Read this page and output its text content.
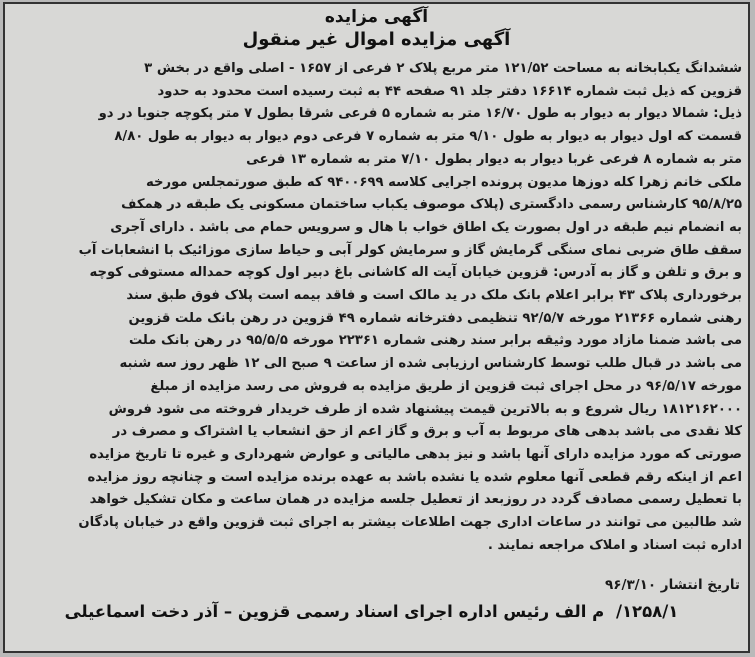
آگهی مزایده
آگهی مزایده اموال غیر منقول
ششدانگ یکبابخانه به مساحت ۱۲۱/۵۲ متر مربع پلاک ۲ فرعی از ۱۶۵۷ - اصلی واقع در بخش ۳
قزوین که ذیل ثبت شماره ۱۶۶۱۴ دفتر جلد ۹۱ صفحه ۴۴ به ثبت رسیده است محدود به حدود
ذیل: شمالا دیوار به دیوار به طول ۱۶/۷۰ متر به شماره ۵ فرعی شرقا بطول ۷ متر پکوچه جنوبا در دو
قسمت که اول دیوار به دیوار به طول ۹/۱۰ متر به شماره ۷ فرعی دوم دیوار به دیوار به طول ۸/۸۰
متر به شماره ۸ فرعی غربا دیوار به دیوار بطول ۷/۱۰ متر به شماره ۱۳ فرعی
ملکی خانم زهرا کله دوزها مدیون پرونده اجرایی کلاسه ۹۴۰۰۶۹۹ که طبق صورتمجلس مورخه
۹۵/۸/۲۵ کارشناس رسمی دادگستری (پلاک موصوف یکباب ساختمان مسکونی یک طبقه در همکف
به انضمام نیم طبقه در اول بصورت یک اطاق خواب با هال و سرویس حمام می باشد . دارای آجری
سقف طاق ضربی نمای سنگی گرمایش گاز و سرمایش کولر آبی و حیاط سازی موزائیک با انشعابات آب
و برق و تلفن و گاز به آدرس: قزوین خیابان آیت اله کاشانی باغ دبیر اول کوچه حمداله مستوفی کوچه
برخورداری پلاک ۴۳ برابر اعلام بانک ملک در ید مالک است و فاقد بیمه است پلاک فوق طبق سند
رهنی شماره ۲۱۳۶۶ مورخه ۹۲/۵/۷ تنظیمی دفترخانه شماره ۴۹ قزوین در رهن بانک ملت قزوین
می باشد ضمنا مازاد مورد وثیقه برابر سند رهنی شماره ۲۲۳۶۱ مورخه ۹۵/۵/۵ در رهن بانک ملت
می باشد در قبال طلب توسط کارشناس ارزیابی شده از ساعت ۹ صبح الی ۱۲ ظهر روز سه شنبه
مورخه ۹۶/۵/۱۷ در محل اجرای ثبت قزوین از طریق مزایده به فروش می رسد مزایده از مبلغ
۱۸۱۲۱۶۲۰۰۰ ریال شروع و به بالاترین قیمت پیشنهاد شده از طرف خریدار فروخته می شود فروش
کلا نقدی می باشد بدهی های مربوط به آب و برق و گاز اعم از حق انشعاب یا اشتراک و مصرف در
صورتی که مورد مزایده دارای آنها باشد و نیز بدهی مالیاتی و عوارض شهرداری و غیره تا تاریخ مزایده
اعم از اینکه رقم قطعی آنها معلوم شده یا نشده باشد به عهده برنده مزایده است و چنانچه روز مزایده
با تعطیل رسمی مصادف گردد در روزبعد از تعطیل جلسه مزایده در همان ساعت و مکان تشکیل خواهد
شد طالبین می توانند در ساعات اداری جهت اطلاعات بیشتر به اجرای ثبت قزوین واقع در خیابان پادگان
اداره ثبت اسناد و املاک مراجعه نمایند .
تاریخ انتشار ۹۶/۳/۱۰
۱۲۵۸/۱/ م الف رئیس اداره اجرای اسناد رسمی قزوین – آذر دخت اسماعیلی
